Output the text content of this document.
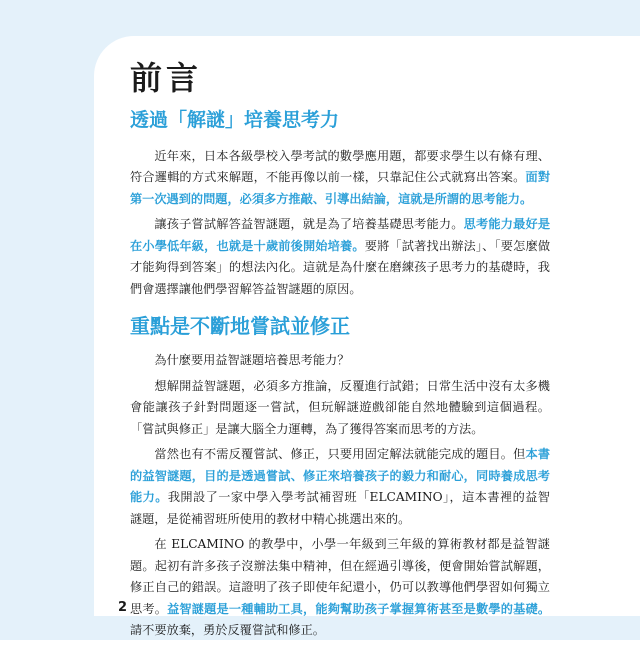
前言
透過「解謎」培養思考力

近年來，日本各級學校入學考試的數學應用題，都要求學生以有條有理、符合邏輯的方式來解題，不能再像以前一樣，只靠記住公式就寫出答案。面對第一次遇到的問題，必須多方推敲、引導出結論，這就是所謂的思考能力。

讓孩子嘗試解答益智謎題，就是為了培養基礎思考能力。思考能力最好是在小學低年級，也就是十歲前後開始培養。要將「試著找出辦法」、「要怎麼做才能夠得到答案」的想法內化。這就是為什麼在磨練孩子思考力的基礎時，我們會選擇讓他們學習解答益智謎題的原因。

重點是不斷地嘗試並修正

為什麼要用益智謎題培養思考能力？

想解開益智謎題，必須多方推論，反覆進行試錯；日常生活中沒有太多機會能讓孩子針對問題逐一嘗試，但玩解謎遊戲卻能自然地體驗到這個過程。「嘗試與修正」是讓大腦全力運轉，為了獲得答案而思考的方法。

當然也有不需反覆嘗試、修正，只要用固定解法就能完成的題目。但本書的益智謎題，目的是透過嘗試、修正來培養孩子的毅力和耐心，同時養成思考能力。我開設了一家中學入學考試補習班「ELCAMINO」，這本書裡的益智謎題，是從補習班所使用的教材中精心挑選出來的。

在 ELCAMINO 的教學中，小學一年級到三年級的算術教材都是益智謎題。起初有許多孩子沒辦法集中精神，但在經過引導後，便會開始嘗試解題，修正自己的錯誤。這證明了孩子即使年紀還小，仍可以教導他們學習如何獨立思考。益智謎題是一種輔助工具，能夠幫助孩子掌握算術甚至是數學的基礎。請不要放棄，勇於反覆嘗試和修正。

2
